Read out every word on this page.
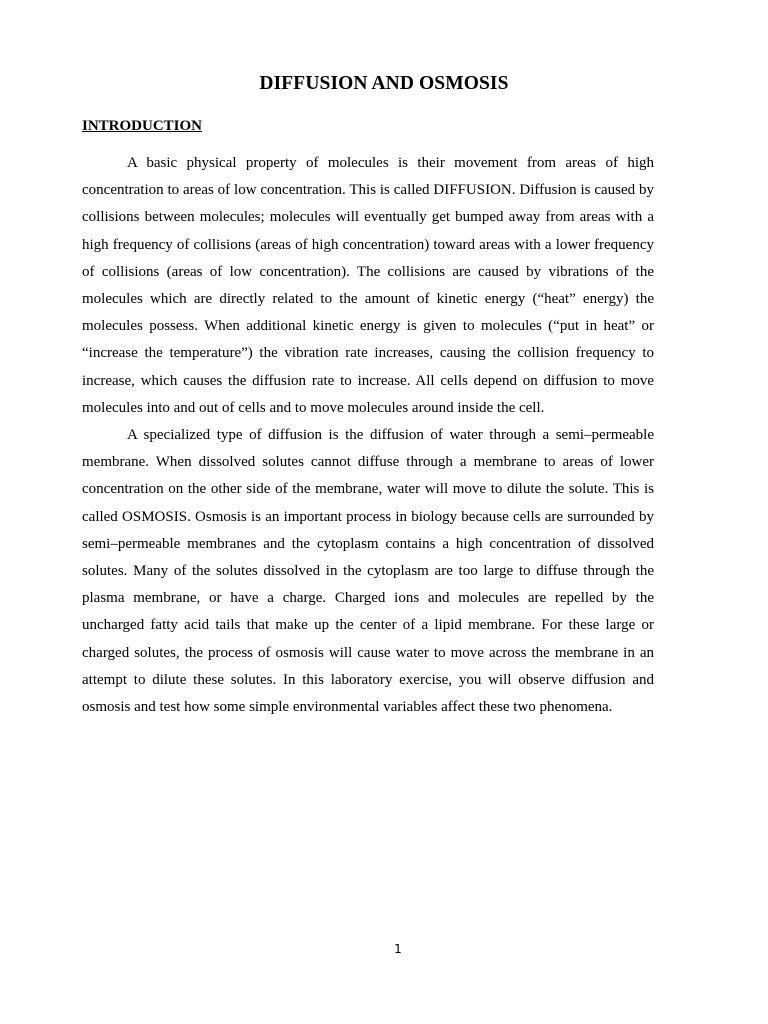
DIFFUSION AND OSMOSIS
INTRODUCTION

A basic physical property of molecules is their movement from areas of high concentration to areas of low concentration. This is called DIFFUSION. Diffusion is caused by collisions between molecules; molecules will eventually get bumped away from areas with a high frequency of collisions (areas of high concentration) toward areas with a lower frequency of collisions (areas of low concentration). The collisions are caused by vibrations of the molecules which are directly related to the amount of kinetic energy (“heat” energy) the molecules possess. When additional kinetic energy is given to molecules (“put in heat” or “increase the temperature”) the vibration rate increases, causing the collision frequency to increase, which causes the diffusion rate to increase. All cells depend on diffusion to move molecules into and out of cells and to move molecules around inside the cell.

A specialized type of diffusion is the diffusion of water through a semi–permeable membrane. When dissolved solutes cannot diffuse through a membrane to areas of lower concentration on the other side of the membrane, water will move to dilute the solute. This is called OSMOSIS. Osmosis is an important process in biology because cells are surrounded by semi–permeable membranes and the cytoplasm contains a high concentration of dissolved solutes. Many of the solutes dissolved in the cytoplasm are too large to diffuse through the plasma membrane, or have a charge. Charged ions and molecules are repelled by the uncharged fatty acid tails that make up the center of a lipid membrane. For these large or charged solutes, the process of osmosis will cause water to move across the membrane in an attempt to dilute these solutes. In this laboratory exercise, you will observe diffusion and osmosis and test how some simple environmental variables affect these two phenomena.

1
